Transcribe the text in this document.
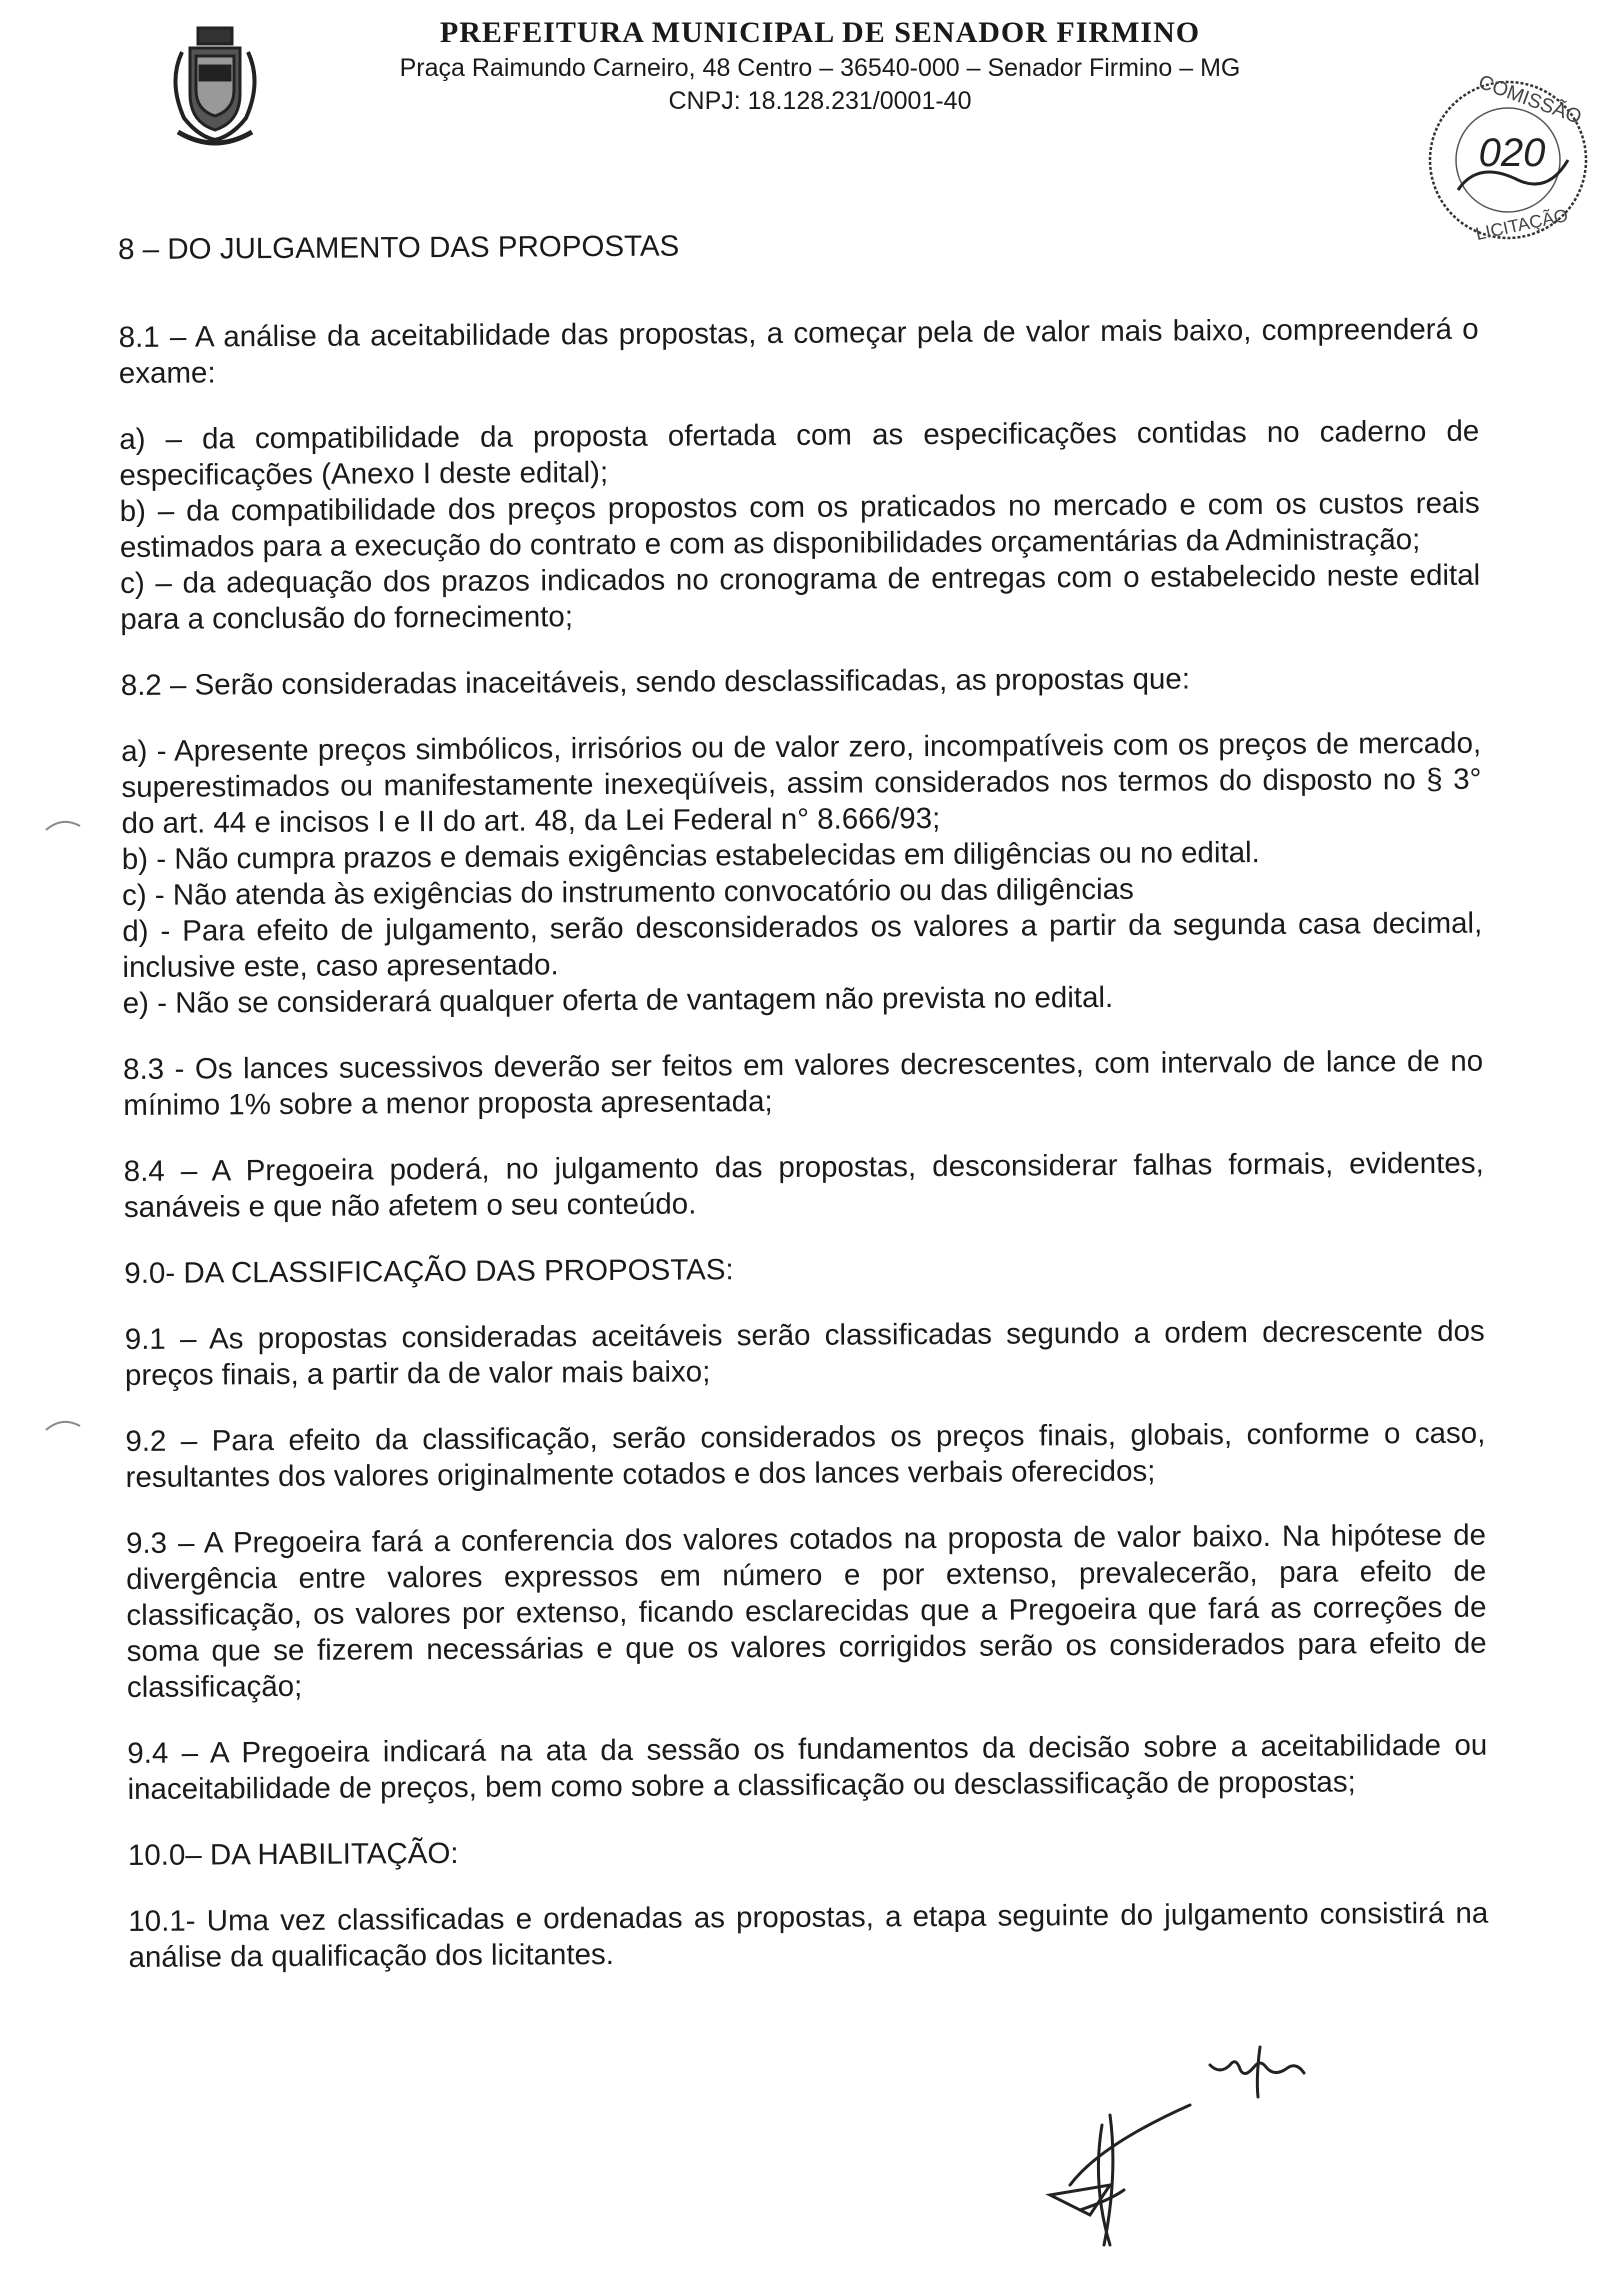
PREFEITURA MUNICIPAL DE SENADOR FIRMINO

Praça Raimundo Carneiro, 48 Centro – 36540-000 – Senador Firmino – MG

CNPJ: 18.128.231/0001-40	COMISSÃO
LICITAÇÃO
020

8 – DO JULGAMENTO DAS PROPOSTAS

8.1 – A análise da aceitabilidade das propostas, a começar pela de valor mais baixo, compreenderá o exame:

a) – da compatibilidade da proposta ofertada com as especificações contidas no caderno de especificações (Anexo I deste edital);

b) – da compatibilidade dos preços propostos com os praticados no mercado e com os custos reais estimados para a execução do contrato e com as disponibilidades orçamentárias da Administração;

c) – da adequação dos prazos indicados no cronograma de entregas com o estabelecido neste edital para a conclusão do fornecimento;

8.2 – Serão consideradas inaceitáveis, sendo desclassificadas, as propostas que:

a) - Apresente preços simbólicos, irrisórios ou de valor zero, incompatíveis com os preços de mercado, superestimados ou manifestamente inexeqüíveis, assim considerados nos termos do disposto no § 3° do art. 44 e incisos I e II do art. 48, da Lei Federal n° 8.666/93;

b) - Não cumpra prazos e demais exigências estabelecidas em diligências ou no edital.

c) - Não atenda às exigências do instrumento convocatório ou das diligências

d) - Para efeito de julgamento, serão desconsiderados os valores a partir da segunda casa decimal, inclusive este, caso apresentado.

e) - Não se considerará qualquer oferta de vantagem não prevista no edital.

8.3 - Os lances sucessivos deverão ser feitos em valores decrescentes, com intervalo de lance de no mínimo 1% sobre a menor proposta apresentada;

8.4 – A Pregoeira poderá, no julgamento das propostas, desconsiderar falhas formais, evidentes, sanáveis e que não afetem o seu conteúdo.

9.0- DA CLASSIFICAÇÃO DAS PROPOSTAS:

9.1 – As propostas consideradas aceitáveis serão classificadas segundo a ordem decrescente dos preços finais, a partir da de valor mais baixo;

9.2 – Para efeito da classificação, serão considerados os preços finais, globais, conforme o caso, resultantes dos valores originalmente cotados e dos lances verbais oferecidos;

9.3 – A Pregoeira fará a conferencia dos valores cotados na proposta de valor baixo. Na hipótese de divergência entre valores expressos em número e por extenso, prevalecerão, para efeito de classificação, os valores por extenso, ficando esclarecidas que a Pregoeira que fará as correções de soma que se fizerem necessárias e que os valores corrigidos serão os considerados para efeito de classificação;

9.4 – A Pregoeira indicará na ata da sessão os fundamentos da decisão sobre a aceitabilidade ou inaceitabilidade de preços, bem como sobre a classificação ou desclassificação de propostas;

10.0– DA HABILITAÇÃO:

10.1- Uma vez classificadas e ordenadas as propostas, a etapa seguinte do julgamento consistirá na análise da qualificação dos licitantes.
